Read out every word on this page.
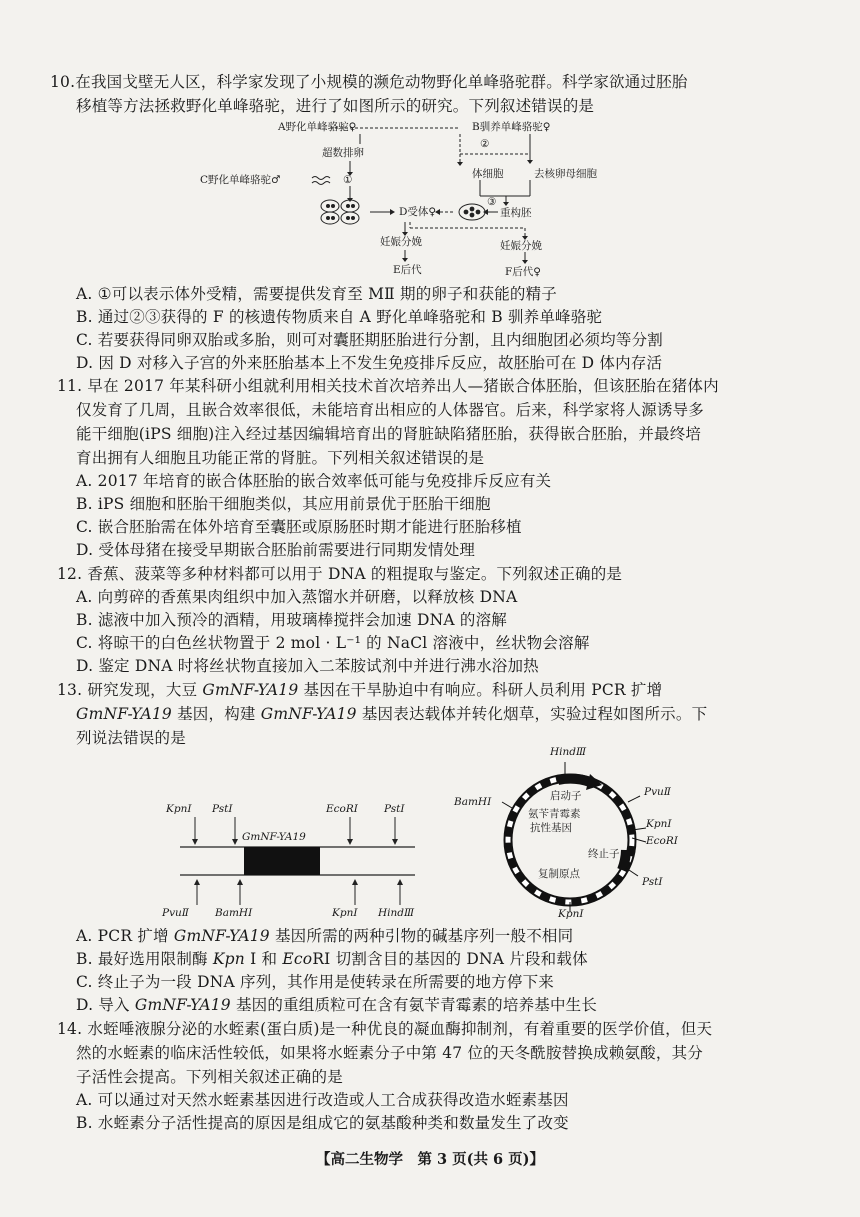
10.在我国戈壁无人区，科学家发现了小规模的濒危动物野化单峰骆驼群。科学家欲通过胚胎
移植等方法拯救野化单峰骆驼，进行了如图所示的研究。下列叙述错误的是
A野化单峰骆驼♀	B驯养单峰骆驼♀
超数排卵
C野化单峰骆驼♂	①
②
体细胞	去核卵母细胞
D受体♀
③
重构胚
妊娠分娩	妊娠分娩
E后代	F后代♀
A. ①可以表示体外受精，需要提供发育至 MⅡ 期的卵子和获能的精子
B. 通过②③获得的 F 的核遗传物质来自 A 野化单峰骆驼和 B 驯养单峰骆驼
C. 若要获得同卵双胎或多胎，则可对囊胚期胚胎进行分割，且内细胞团必须均等分割
D. 因 D 对移入子宫的外来胚胎基本上不发生免疫排斥反应，故胚胎可在 D 体内存活
11. 早在 2017 年某科研小组就利用相关技术首次培养出人—猪嵌合体胚胎，但该胚胎在猪体内
仅发育了几周，且嵌合效率很低，未能培育出相应的人体器官。后来，科学家将人源诱导多
能干细胞(iPS 细胞)注入经过基因编辑培育出的肾脏缺陷猪胚胎，获得嵌合胚胎，并最终培
育出拥有人细胞且功能正常的肾脏。下列相关叙述错误的是
A. 2017 年培育的嵌合体胚胎的嵌合效率低可能与免疫排斥反应有关
B. iPS 细胞和胚胎干细胞类似，其应用前景优于胚胎干细胞
C. 嵌合胚胎需在体外培育至囊胚或原肠胚时期才能进行胚胎移植
D. 受体母猪在接受早期嵌合胚胎前需要进行同期发情处理
12. 香蕉、菠菜等多种材料都可以用于 DNA 的粗提取与鉴定。下列叙述正确的是
A. 向剪碎的香蕉果肉组织中加入蒸馏水并研磨，以释放核 DNA
B. 滤液中加入预冷的酒精，用玻璃棒搅拌会加速 DNA 的溶解
C. 将晾干的白色丝状物置于 2 mol · L⁻¹ 的 NaCl 溶液中，丝状物会溶解
D. 鉴定 DNA 时将丝状物直接加入二苯胺试剂中并进行沸水浴加热
13. 研究发现，大豆 GmNF-YA19 基因在干旱胁迫中有响应。科研人员利用 PCR 扩增
GmNF-YA19 基因，构建 GmNF-YA19 基因表达载体并转化烟草，实验过程如图所示。下
列说法错误的是
KpnⅠ PstⅠ	EcoRⅠ PstⅠ
GmNF-YA19
PvuⅡ BamHⅠ	KpnⅠ HindⅢ
HindⅢ
BamHⅠ	启动子
氨苄青霉素
抗性基因
PvuⅡ
KpnⅠ
EcoRⅠ
终止子
PstⅠ
复制原点
KpnⅠ
A. PCR 扩增 GmNF-YA19 基因所需的两种引物的碱基序列一般不相同
B. 最好选用限制酶 Kpn Ⅰ 和 EcoRⅠ 切割含目的基因的 DNA 片段和载体
C. 终止子为一段 DNA 序列，其作用是使转录在所需要的地方停下来
D. 导入 GmNF-YA19 基因的重组质粒可在含有氨苄青霉素的培养基中生长
14. 水蛭唾液腺分泌的水蛭素(蛋白质)是一种优良的凝血酶抑制剂，有着重要的医学价值，但天
然的水蛭素的临床活性较低，如果将水蛭素分子中第 47 位的天冬酰胺替换成赖氨酸，其分
子活性会提高。下列相关叙述正确的是
A. 可以通过对天然水蛭素基因进行改造或人工合成获得改造水蛭素基因
B. 水蛭素分子活性提高的原因是组成它的氨基酸种类和数量发生了改变
【高二生物学　第 3 页(共 6 页)】
